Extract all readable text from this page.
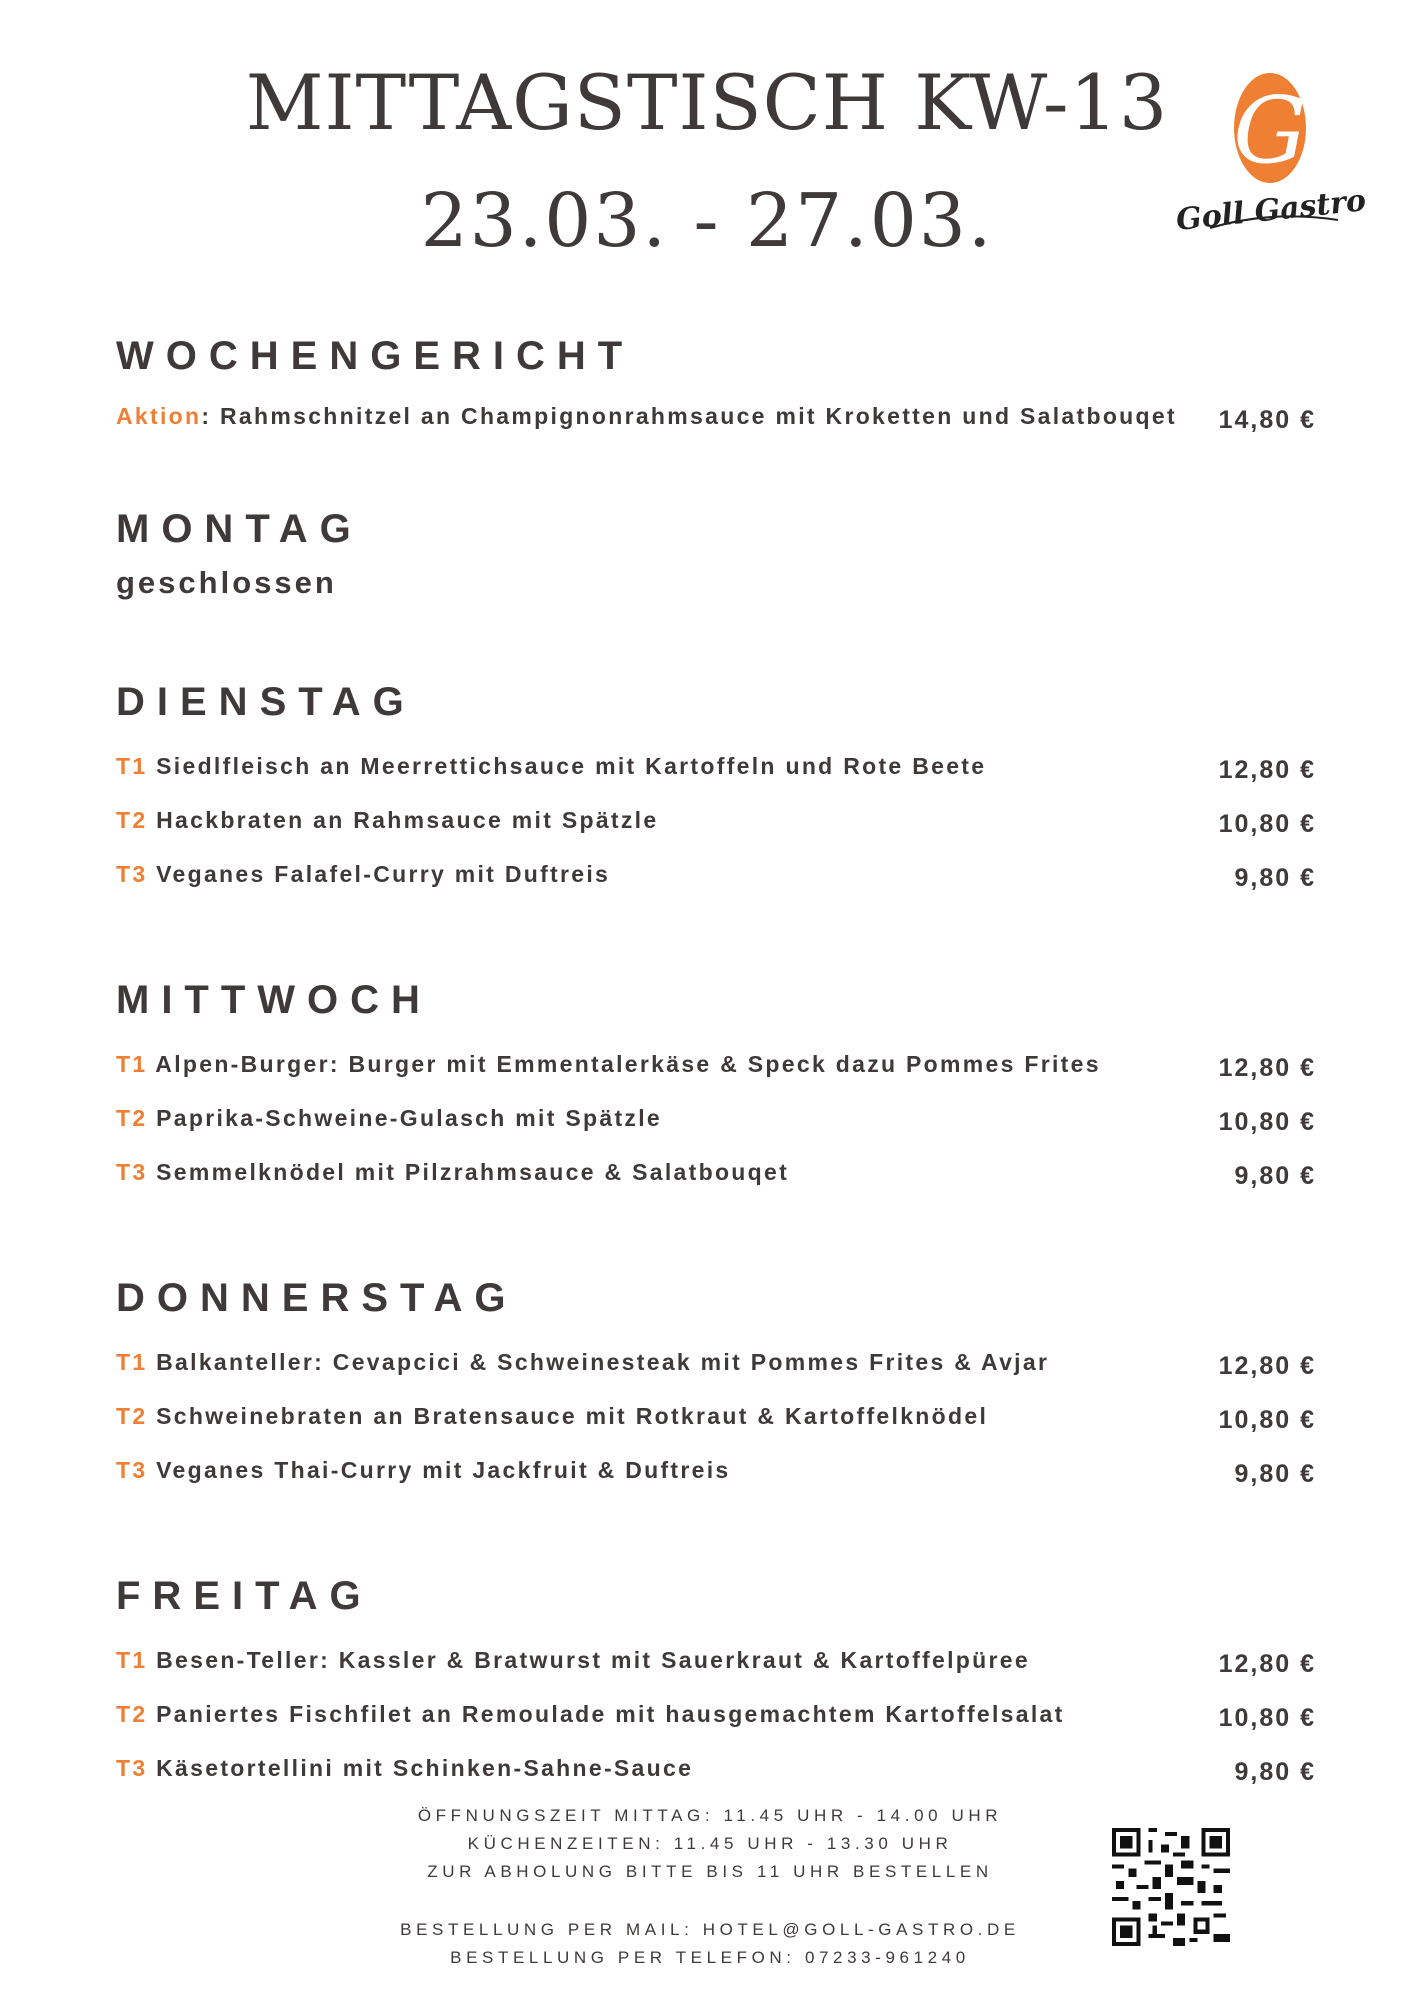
MITTAGSTISCH KW-13
23.03. - 27.03.
G
Goll Gastro
WOCHENGERICHT
Aktion: Rahmschnitzel an Champignonrahmsauce mit Kroketten und Salatbouqet 14,80 €
MONTAG
geschlossen
DIENSTAG
T1 Siedlfleisch an Meerrettichsauce mit Kartoffeln und Rote Beete	12,80 €
T2 Hackbraten an Rahmsauce mit Spätzle	10,80 €
T3 Veganes Falafel-Curry mit Duftreis	9,80 €
MITTWOCH
T1 Alpen-Burger: Burger mit Emmentalerkäse & Speck dazu Pommes Frites	12,80 €
T2 Paprika-Schweine-Gulasch mit Spätzle	10,80 €
T3 Semmelknödel mit Pilzrahmsauce & Salatbouqet	9,80 €
DONNERSTAG
T1 Balkanteller: Cevapcici & Schweinesteak mit Pommes Frites & Avjar	12,80 €
T2 Schweinebraten an Bratensauce mit Rotkraut & Kartoffelknödel	10,80 €
T3 Veganes Thai-Curry mit Jackfruit & Duftreis	9,80 €
FREITAG
T1 Besen-Teller: Kassler & Bratwurst mit Sauerkraut & Kartoffelpüree	12,80 €
T2 Paniertes Fischfilet an Remoulade mit hausgemachtem Kartoffelsalat	10,80 €
T3 Käsetortellini mit Schinken-Sahne-Sauce	9,80 €
ÖFFNUNGSZEIT MITTAG: 11.45 UHR - 14.00 UHR
KÜCHENZEITEN: 11.45 UHR - 13.30 UHR
ZUR ABHOLUNG BITTE BIS 11 UHR BESTELLEN
BESTELLUNG PER MAIL: HOTEL@GOLL-GASTRO.DE
BESTELLUNG PER TELEFON: 07233-961240
